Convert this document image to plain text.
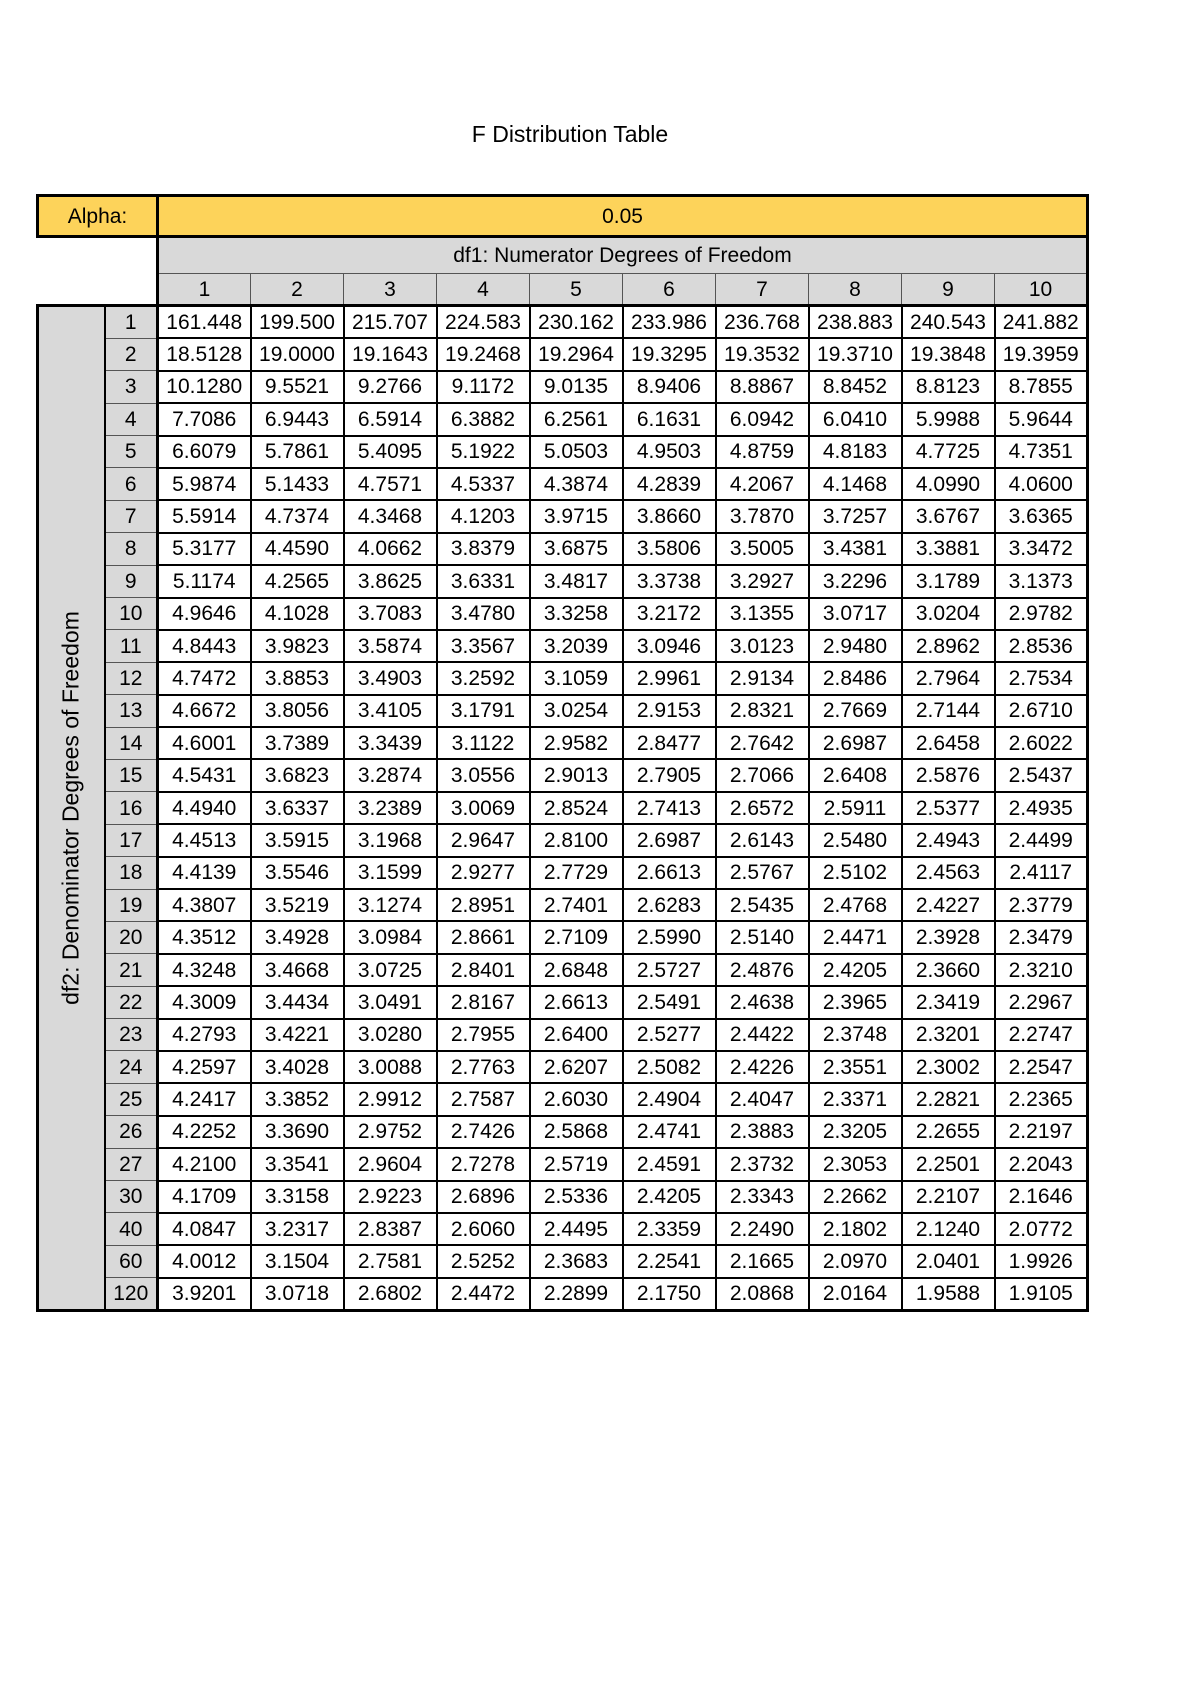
F Distribution Table
Alpha:		0.05									
		df1: Numerator Degrees of Freedom									
		1	2	3	4	5	6	7	8	9	10

df2: Denominator Degrees of Freedom	1	161.448	199.500	215.707	224.583	230.162	233.986	236.768	238.883	240.543	241.882
	2	18.5128	19.0000	19.1643	19.2468	19.2964	19.3295	19.3532	19.3710	19.3848	19.3959
	3	10.1280	9.5521	9.2766	9.1172	9.0135	8.9406	8.8867	8.8452	8.8123	8.7855
	4	7.7086	6.9443	6.5914	6.3882	6.2561	6.1631	6.0942	6.0410	5.9988	5.9644
	5	6.6079	5.7861	5.4095	5.1922	5.0503	4.9503	4.8759	4.8183	4.7725	4.7351
	6	5.9874	5.1433	4.7571	4.5337	4.3874	4.2839	4.2067	4.1468	4.0990	4.0600
	7	5.5914	4.7374	4.3468	4.1203	3.9715	3.8660	3.7870	3.7257	3.6767	3.6365
	8	5.3177	4.4590	4.0662	3.8379	3.6875	3.5806	3.5005	3.4381	3.3881	3.3472
	9	5.1174	4.2565	3.8625	3.6331	3.4817	3.3738	3.2927	3.2296	3.1789	3.1373
	10	4.9646	4.1028	3.7083	3.4780	3.3258	3.2172	3.1355	3.0717	3.0204	2.9782
	11	4.8443	3.9823	3.5874	3.3567	3.2039	3.0946	3.0123	2.9480	2.8962	2.8536
	12	4.7472	3.8853	3.4903	3.2592	3.1059	2.9961	2.9134	2.8486	2.7964	2.7534
	13	4.6672	3.8056	3.4105	3.1791	3.0254	2.9153	2.8321	2.7669	2.7144	2.6710
	14	4.6001	3.7389	3.3439	3.1122	2.9582	2.8477	2.7642	2.6987	2.6458	2.6022
	15	4.5431	3.6823	3.2874	3.0556	2.9013	2.7905	2.7066	2.6408	2.5876	2.5437
	16	4.4940	3.6337	3.2389	3.0069	2.8524	2.7413	2.6572	2.5911	2.5377	2.4935
	17	4.4513	3.5915	3.1968	2.9647	2.8100	2.6987	2.6143	2.5480	2.4943	2.4499
	18	4.4139	3.5546	3.1599	2.9277	2.7729	2.6613	2.5767	2.5102	2.4563	2.4117
	19	4.3807	3.5219	3.1274	2.8951	2.7401	2.6283	2.5435	2.4768	2.4227	2.3779
	20	4.3512	3.4928	3.0984	2.8661	2.7109	2.5990	2.5140	2.4471	2.3928	2.3479
	21	4.3248	3.4668	3.0725	2.8401	2.6848	2.5727	2.4876	2.4205	2.3660	2.3210
	22	4.3009	3.4434	3.0491	2.8167	2.6613	2.5491	2.4638	2.3965	2.3419	2.2967
	23	4.2793	3.4221	3.0280	2.7955	2.6400	2.5277	2.4422	2.3748	2.3201	2.2747
	24	4.2597	3.4028	3.0088	2.7763	2.6207	2.5082	2.4226	2.3551	2.3002	2.2547
	25	4.2417	3.3852	2.9912	2.7587	2.6030	2.4904	2.4047	2.3371	2.2821	2.2365
	26	4.2252	3.3690	2.9752	2.7426	2.5868	2.4741	2.3883	2.3205	2.2655	2.2197
	27	4.2100	3.3541	2.9604	2.7278	2.5719	2.4591	2.3732	2.3053	2.2501	2.2043
	30	4.1709	3.3158	2.9223	2.6896	2.5336	2.4205	2.3343	2.2662	2.2107	2.1646
	40	4.0847	3.2317	2.8387	2.6060	2.4495	2.3359	2.2490	2.1802	2.1240	2.0772
	60	4.0012	3.1504	2.7581	2.5252	2.3683	2.2541	2.1665	2.0970	2.0401	1.9926
	120	3.9201	3.0718	2.6802	2.4472	2.2899	2.1750	2.0868	2.0164	1.9588	1.9105
